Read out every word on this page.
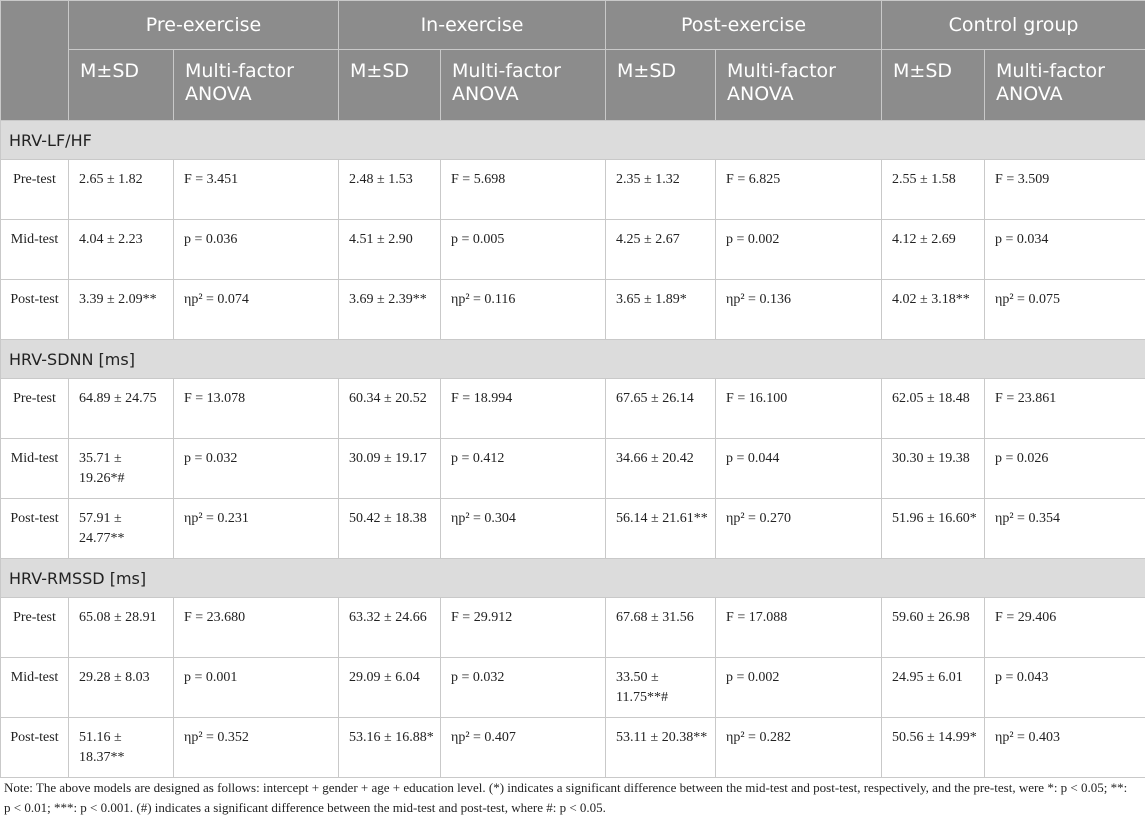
	Pre-exercise		In-exercise		Post-exercise		Control group	

	M±SD	Multi-factor ANOVA	M±SD	Multi-factor ANOVA	M±SD	Multi-factor ANOVA	M±SD	Multi-factor ANOVA

HRV-LF/HF								

Pre-test	2.65 ± 1.82	F = 3.451	2.48 ± 1.53	F = 5.698	2.35 ± 1.32	F = 6.825	2.55 ± 1.58	F = 3.509

Mid-test	4.04 ± 2.23	p = 0.036	4.51 ± 2.90	p = 0.005	4.25 ± 2.67	p = 0.002	4.12 ± 2.69	p = 0.034

Post-test	3.39 ± 2.09**	ηp² = 0.074	3.69 ± 2.39**	ηp² = 0.116	3.65 ± 1.89*	ηp² = 0.136	4.02 ± 3.18**	ηp² = 0.075

HRV-SDNN [ms]								

Pre-test	64.89 ± 24.75	F = 13.078	60.34 ± 20.52	F = 18.994	67.65 ± 26.14	F = 16.100	62.05 ± 18.48	F = 23.861

Mid-test	35.71 ± 19.26*#	p = 0.032	30.09 ± 19.17	p = 0.412	34.66 ± 20.42	p = 0.044	30.30 ± 19.38	p = 0.026

Post-test	57.91 ± 24.77**	ηp² = 0.231	50.42 ± 18.38	ηp² = 0.304	56.14 ± 21.61**	ηp² = 0.270	51.96 ± 16.60*	ηp² = 0.354

HRV-RMSSD [ms]								

Pre-test	65.08 ± 28.91	F = 23.680	63.32 ± 24.66	F = 29.912	67.68 ± 31.56	F = 17.088	59.60 ± 26.98	F = 29.406

Mid-test	29.28 ± 8.03	p = 0.001	29.09 ± 6.04	p = 0.032	33.50 ± 11.75**#	p = 0.002	24.95 ± 6.01	p = 0.043

Post-test	51.16 ± 18.37**	ηp² = 0.352	53.16 ± 16.88*	ηp² = 0.407	53.11 ± 20.38**	ηp² = 0.282	50.56 ± 14.99*	ηp² = 0.403
Note: The above models are designed as follows: intercept + gender + age + education level. (*) indicates a significant difference between the mid-test and post-test, respectively, and the pre-test, were *: p < 0.05; **: p < 0.01; ***: p < 0.001. (#) indicates a significant difference between the mid-test and post-test, where #: p < 0.05.
